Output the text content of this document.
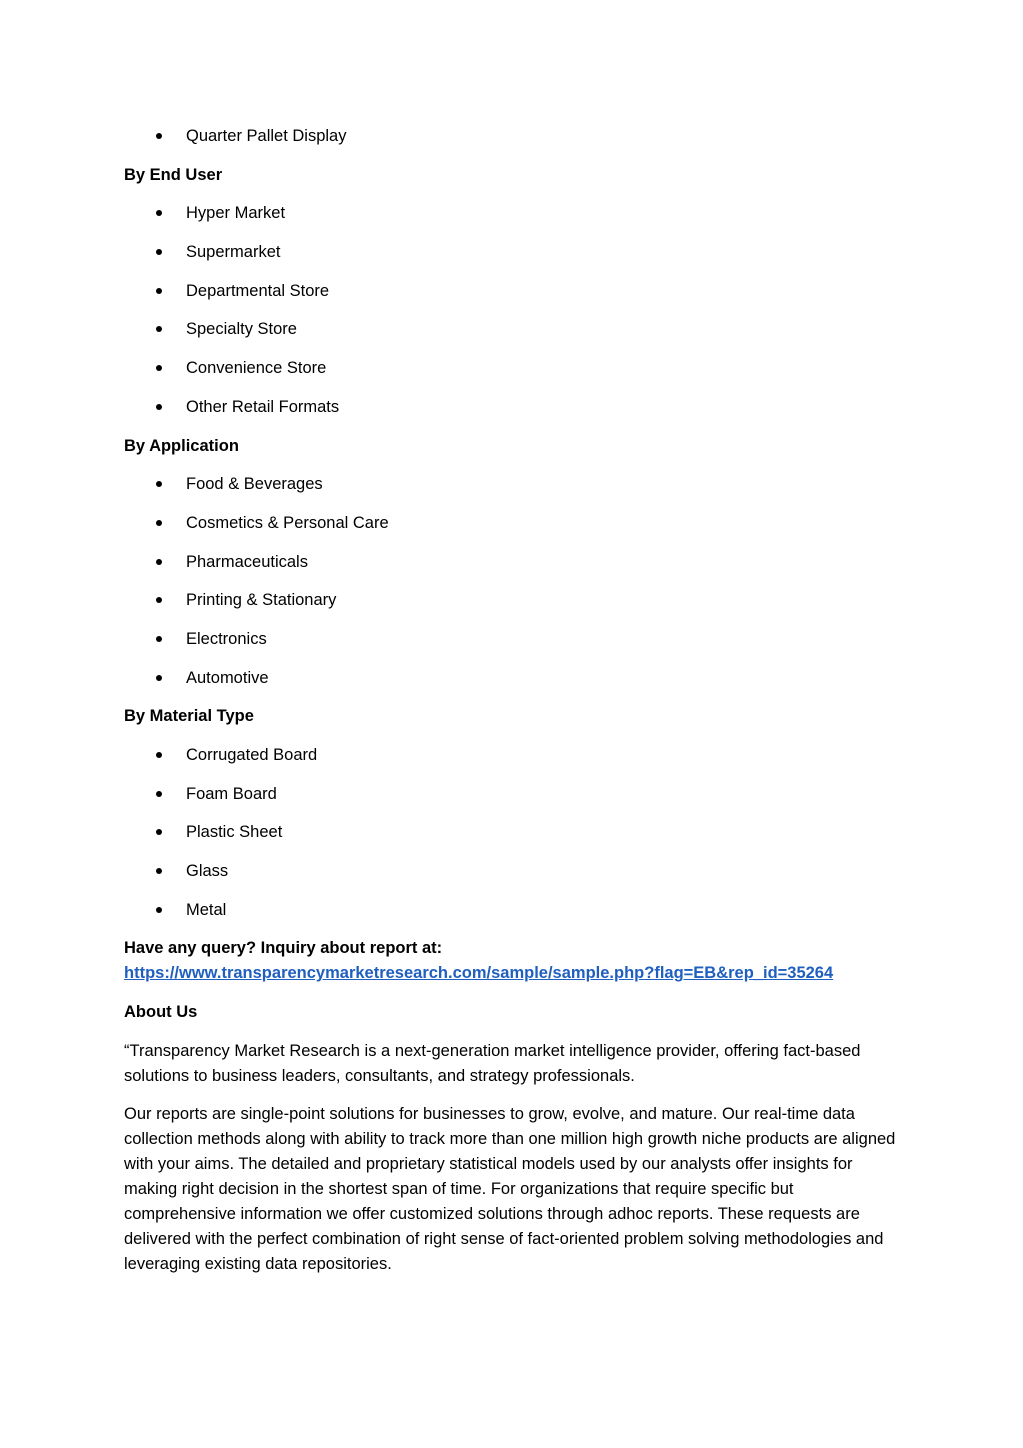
Quarter Pallet Display
By End User
Hyper Market
Supermarket
Departmental Store
Specialty Store
Convenience Store
Other Retail Formats
By Application
Food & Beverages
Cosmetics & Personal Care
Pharmaceuticals
Printing & Stationary
Electronics
Automotive
By Material Type
Corrugated Board
Foam Board
Plastic Sheet
Glass
Metal
Have any query? Inquiry about report at:
https://www.transparencymarketresearch.com/sample/sample.php?flag=EB&rep_id=35264
About Us

“Transparency Market Research is a next-generation market intelligence provider, offering fact-based solutions to business leaders, consultants, and strategy professionals.

Our reports are single-point solutions for businesses to grow, evolve, and mature. Our real-time data collection methods along with ability to track more than one million high growth niche products are aligned with your aims. The detailed and proprietary statistical models used by our analysts offer insights for making right decision in the shortest span of time. For organizations that require specific but comprehensive information we offer customized solutions through adhoc reports. These requests are delivered with the perfect combination of right sense of fact-oriented problem solving methodologies and leveraging existing data repositories.
